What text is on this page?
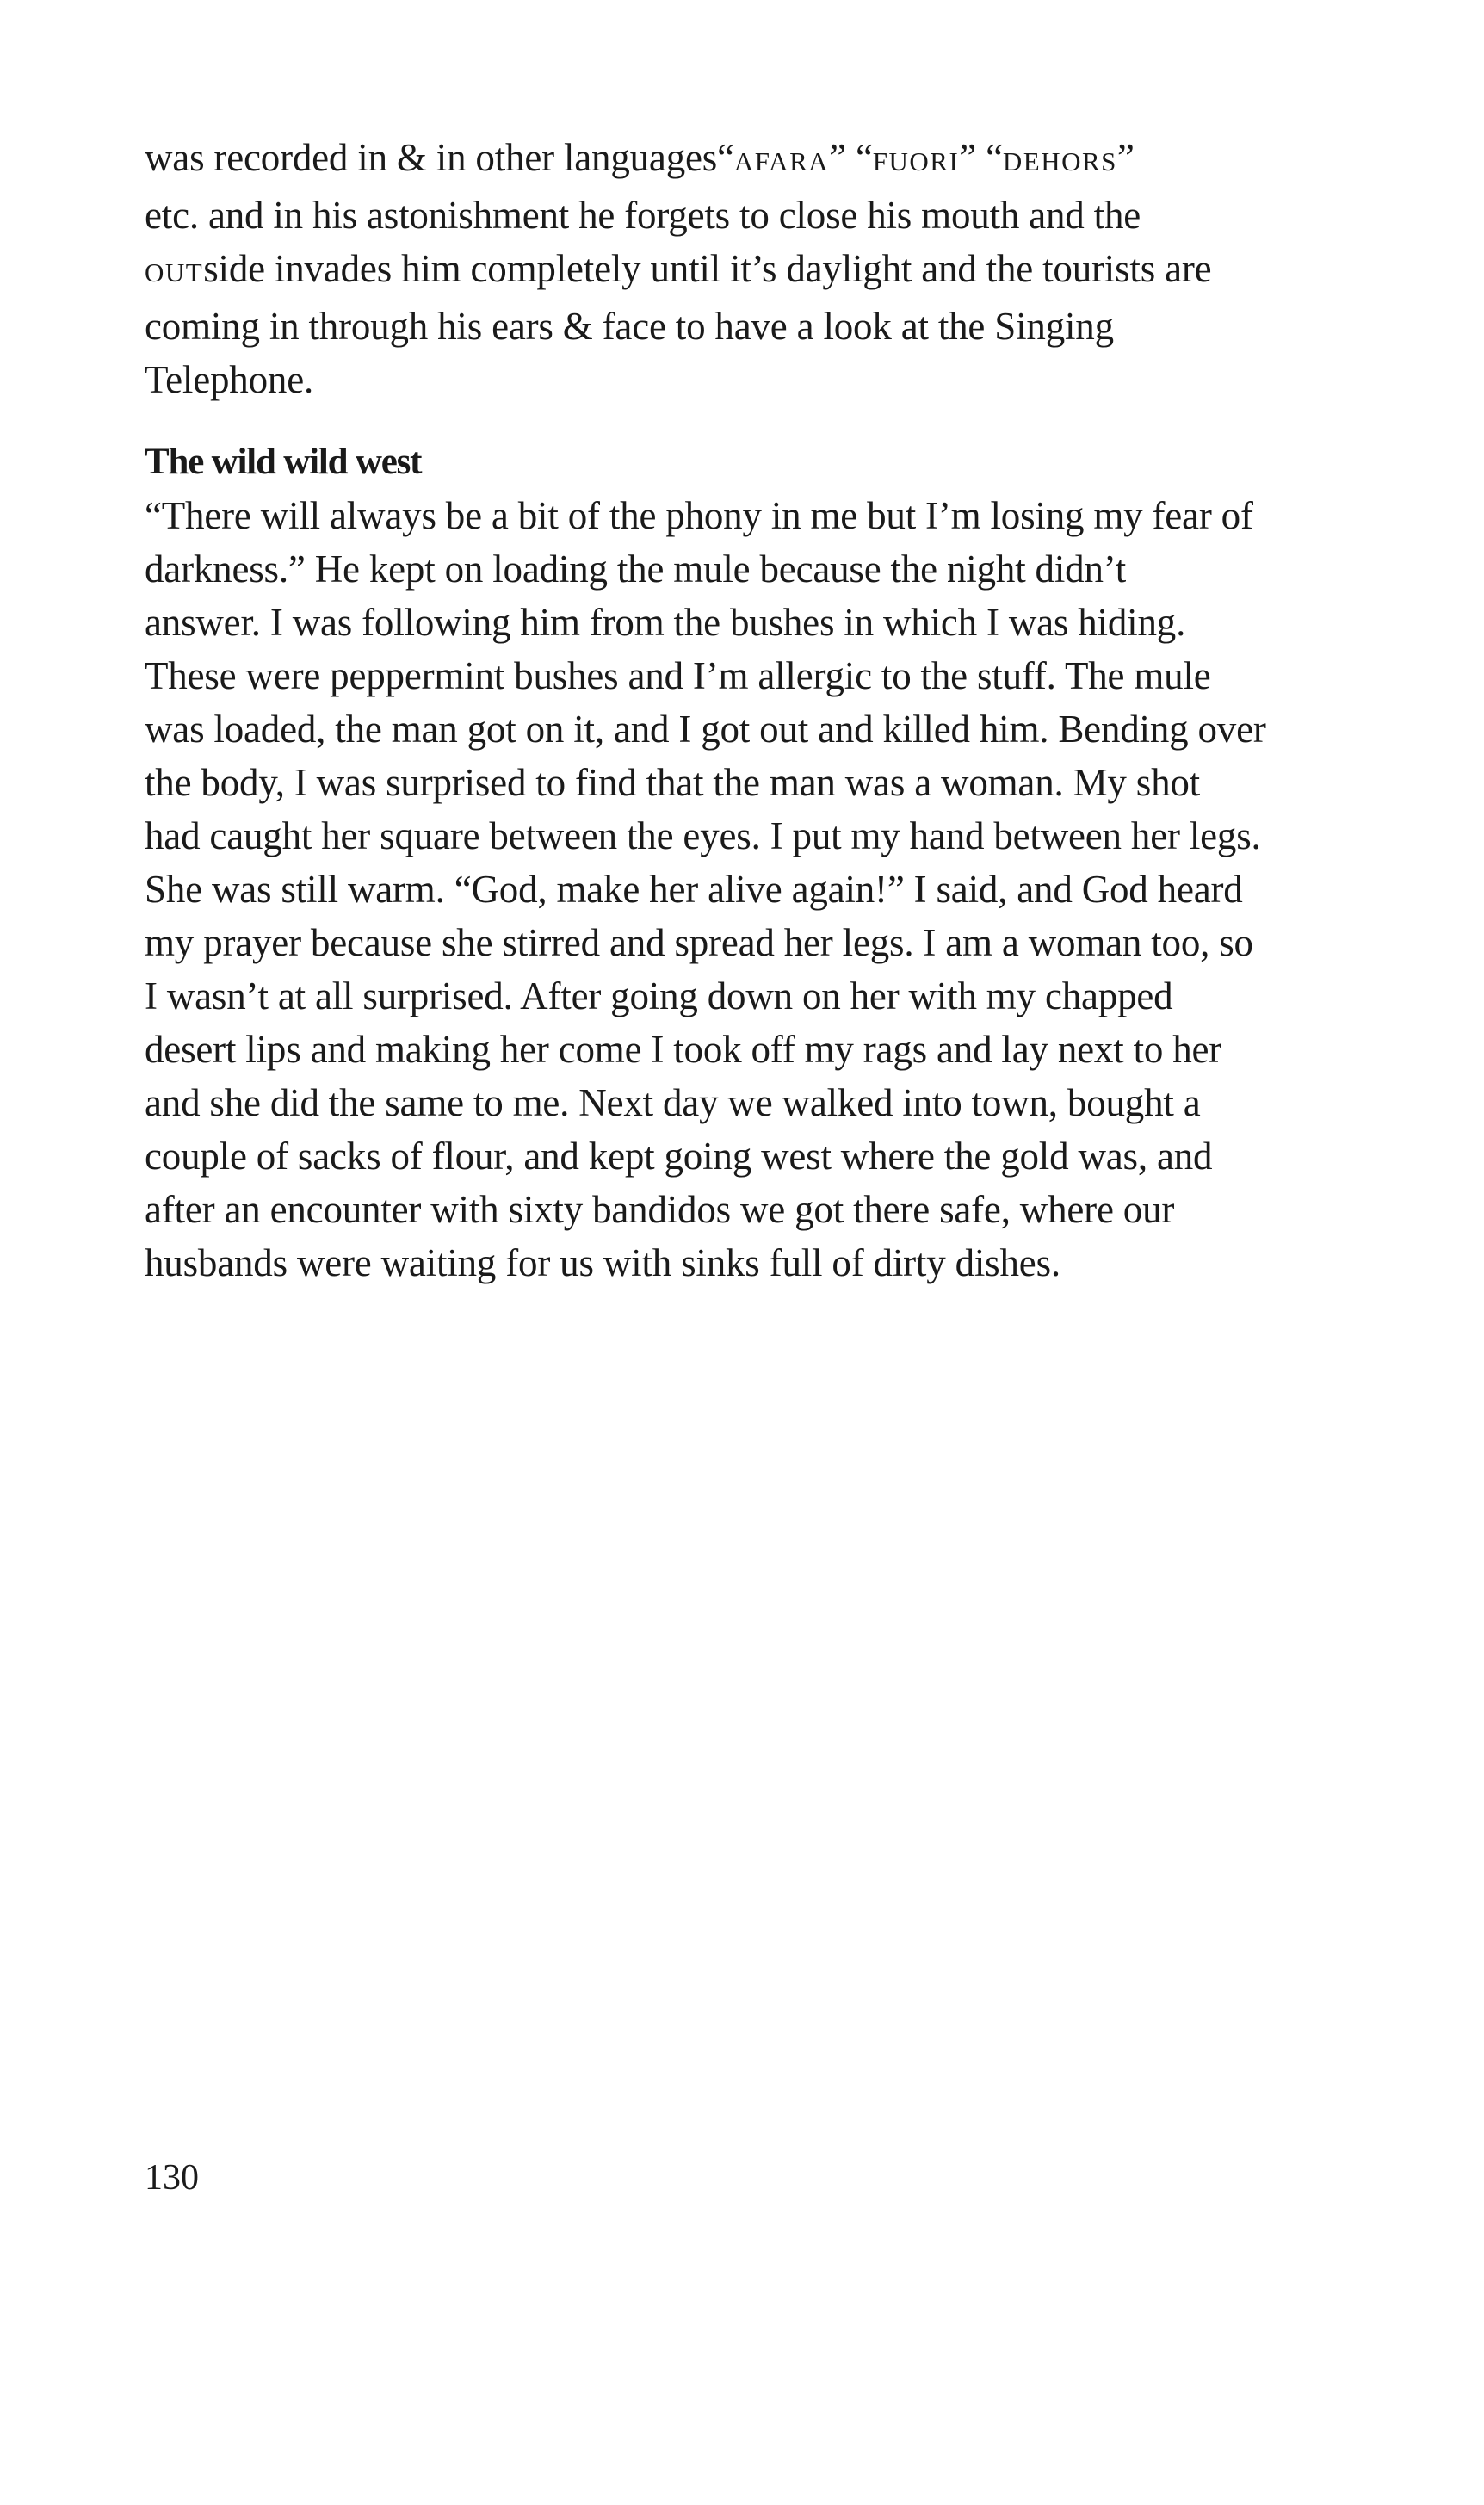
was recorded in & in other languages“AFARA” “FUORI” “DEHORS”
etc. and in his astonishment he forgets to close his mouth and the
OUTside invades him completely until it’s daylight and the tourists are
coming in through his ears & face to have a look at the Singing
Telephone.
The wild wild west
“There will always be a bit of the phony in me but I’m losing my fear of
darkness.” He kept on loading the mule because the night didn’t
answer. I was following him from the bushes in which I was hiding.
These were peppermint bushes and I’m allergic to the stuff. The mule
was loaded, the man got on it, and I got out and killed him. Bending over
the body, I was surprised to find that the man was a woman. My shot
had caught her square between the eyes. I put my hand between her legs.
She was still warm. “God, make her alive again!” I said, and God heard
my prayer because she stirred and spread her legs. I am a woman too, so
I wasn’t at all surprised. After going down on her with my chapped
desert lips and making her come I took off my rags and lay next to her
and she did the same to me. Next day we walked into town, bought a
couple of sacks of flour, and kept going west where the gold was, and
after an encounter with sixty bandidos we got there safe, where our
husbands were waiting for us with sinks full of dirty dishes.
130
